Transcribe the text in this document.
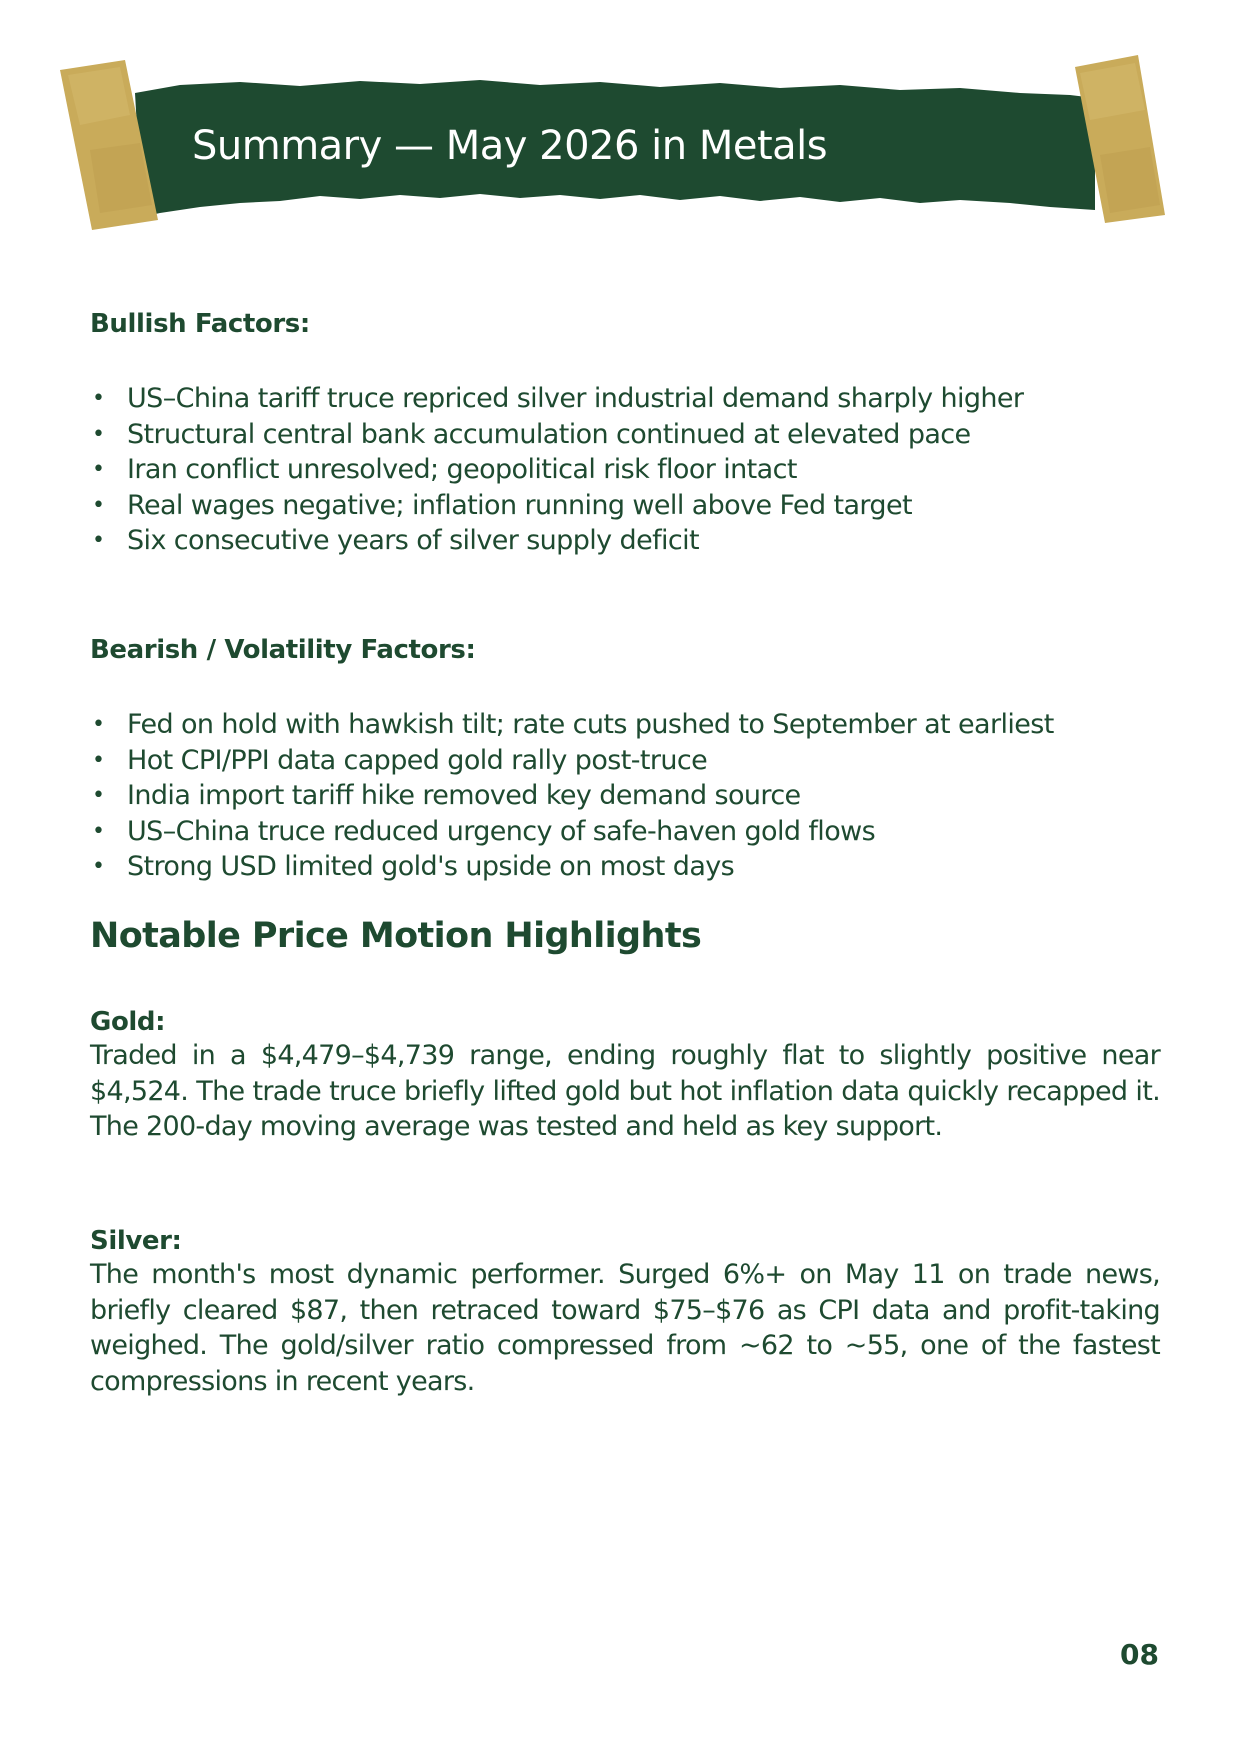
Summary — May 2026 in Metals
Bullish Factors:
• US–China tariff truce repriced silver industrial demand sharply higher
• Structural central bank accumulation continued at elevated pace
• Iran conflict unresolved; geopolitical risk floor intact
• Real wages negative; inflation running well above Fed target
• Six consecutive years of silver supply deficit
Bearish / Volatility Factors:
• Fed on hold with hawkish tilt; rate cuts pushed to September at earliest
• Hot CPI/PPI data capped gold rally post-truce
• India import tariff hike removed key demand source
• US–China truce reduced urgency of safe-haven gold flows
• Strong USD limited gold's upside on most days
Notable Price Motion Highlights
Gold:

Traded in a $4,479–$4,739 range, ending roughly flat to slightly positive near $4,524. The trade truce briefly lifted gold but hot inflation data quickly recapped it. The 200-day moving average was tested and held as key support.

Silver:

The month's most dynamic performer. Surged 6%+ on May 11 on trade news, briefly cleared $87, then retraced toward $75–$76 as CPI data and profit-taking weighed. The gold/silver ratio compressed from ~62 to ~55, one of the fastest compressions in recent years.

08
